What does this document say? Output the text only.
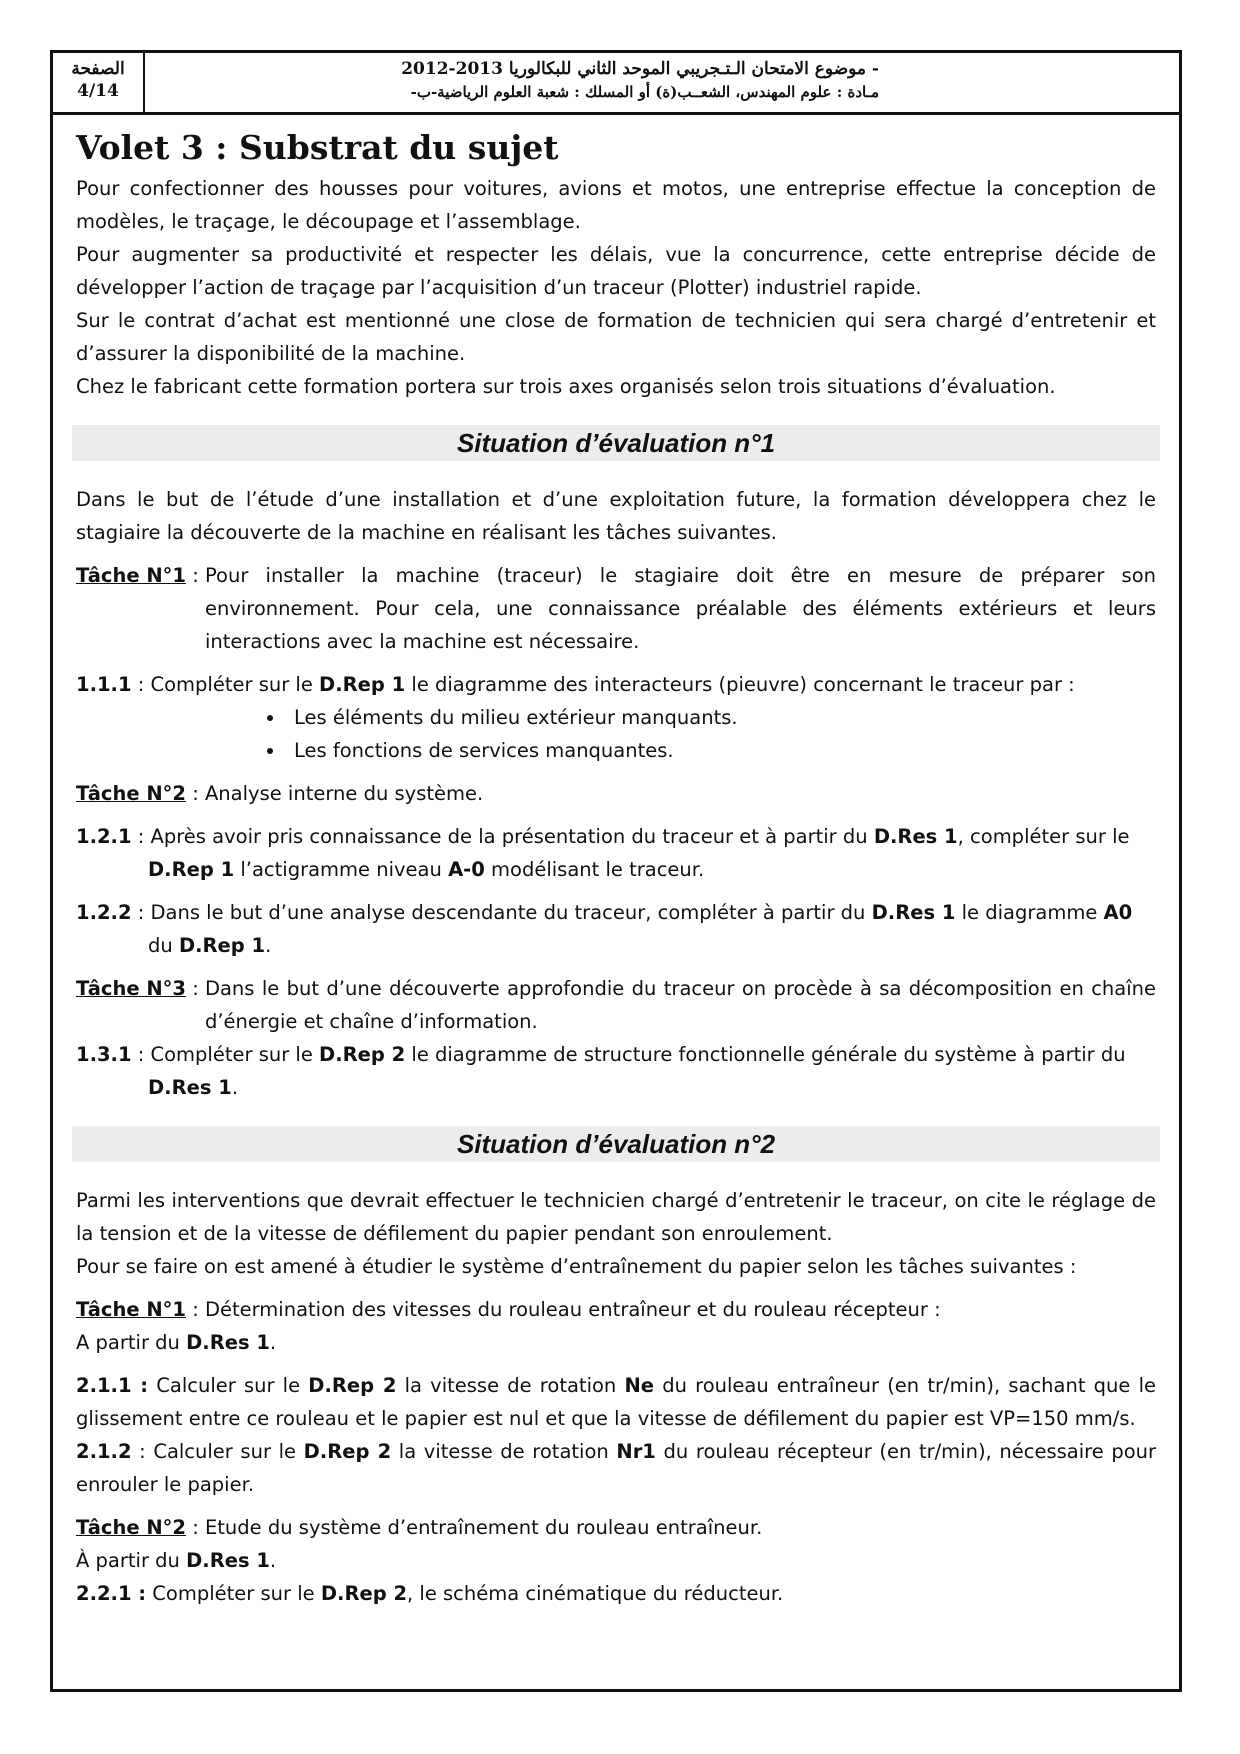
الصفحة
4/14
- موضوع الامتحان الـتـجريبي الموحد الثاني للبكالوريا 2013-2012
مـادة : علوم المهندس، الشعــب(ة) أو المسلك : شعبة العلوم الرياضية-ب-
Volet 3 : Substrat du sujet

Pour confectionner des housses pour voitures, avions et motos, une entreprise effectue la conception de modèles, le traçage, le découpage et l’assemblage.

Pour augmenter sa productivité et respecter les délais, vue la concurrence, cette entreprise décide de développer l’action de traçage par l’acquisition d’un traceur (Plotter) industriel rapide.

Sur le contrat d’achat est mentionné une close de formation de technicien qui sera chargé d’entretenir et d’assurer la disponibilité de la machine.

Chez le fabricant cette formation portera sur trois axes organisés selon trois situations d’évaluation.

Situation d’évaluation n°1

Dans le but de l’étude d’une installation et d’une exploitation future, la formation développera chez le stagiaire la découverte de la machine en réalisant les tâches suivantes.

Tâche N°1 : Pour installer la machine (traceur) le stagiaire doit être en mesure de préparer son environnement. Pour cela, une connaissance préalable des éléments extérieurs et leurs interactions avec la machine est nécessaire.

1.1.1 : Compléter sur le D.Rep 1 le diagramme des interacteurs (pieuvre) concernant le traceur par :

• Les éléments du milieu extérieur manquants.
• Les fonctions de services manquantes.

Tâche N°2 : Analyse interne du système.

1.2.1 : Après avoir pris connaissance de la présentation du traceur et à partir du D.Res 1, compléter sur le

D.Rep 1 l’actigramme niveau A-0 modélisant le traceur.

1.2.2 : Dans le but d’une analyse descendante du traceur, compléter à partir du D.Res 1 le diagramme A0

du D.Rep 1.
Tâche N°3 : Dans le but d’une découverte approfondie du traceur on procède à sa décomposition en chaîne d’énergie et chaîne d’information.

1.3.1 : Compléter sur le D.Rep 2 le diagramme de structure fonctionnelle générale du système à partir du

D.Res 1.
Situation d’évaluation n°2

Parmi les interventions que devrait effectuer le technicien chargé d’entretenir le traceur, on cite le réglage de la tension et de la vitesse de défilement du papier pendant son enroulement.

Pour se faire on est amené à étudier le système d’entraînement du papier selon les tâches suivantes :

Tâche N°1 : Détermination des vitesses du rouleau entraîneur et du rouleau récepteur :

A partir du D.Res 1.

2.1.1 : Calculer sur le D.Rep 2 la vitesse de rotation Ne du rouleau entraîneur (en tr/min), sachant que le glissement entre ce rouleau et le papier est nul et que la vitesse de défilement du papier est VP=150 mm/s.

2.1.2 : Calculer sur le D.Rep 2 la vitesse de rotation Nr1 du rouleau récepteur (en tr/min), nécessaire pour enrouler le papier.

Tâche N°2 : Etude du système d’entraînement du rouleau entraîneur.

À partir du D.Res 1.

2.2.1 : Compléter sur le D.Rep 2, le schéma cinématique du réducteur.
